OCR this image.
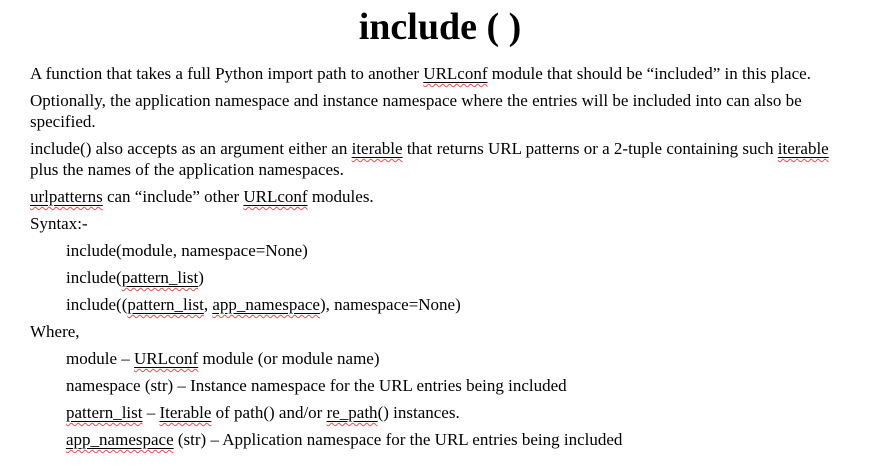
include ( )

A function that takes a full Python import path to another URLconf module that should be “included” in this place.

Optionally, the application namespace and instance namespace where the entries will be included into can also be specified.

include() also accepts as an argument either an iterable that returns URL patterns or a 2-tuple containing such iterable plus the names of the application namespaces.

urlpatterns can “include” other URLconf modules.

Syntax:-

include(module, namespace=None)

include(pattern_list)

include((pattern_list, app_namespace), namespace=None)

Where,

module – URLconf module (or module name)

namespace (str) – Instance namespace for the URL entries being included

pattern_list – Iterable of path() and/or re_path() instances.

app_namespace (str) – Application namespace for the URL entries being included
